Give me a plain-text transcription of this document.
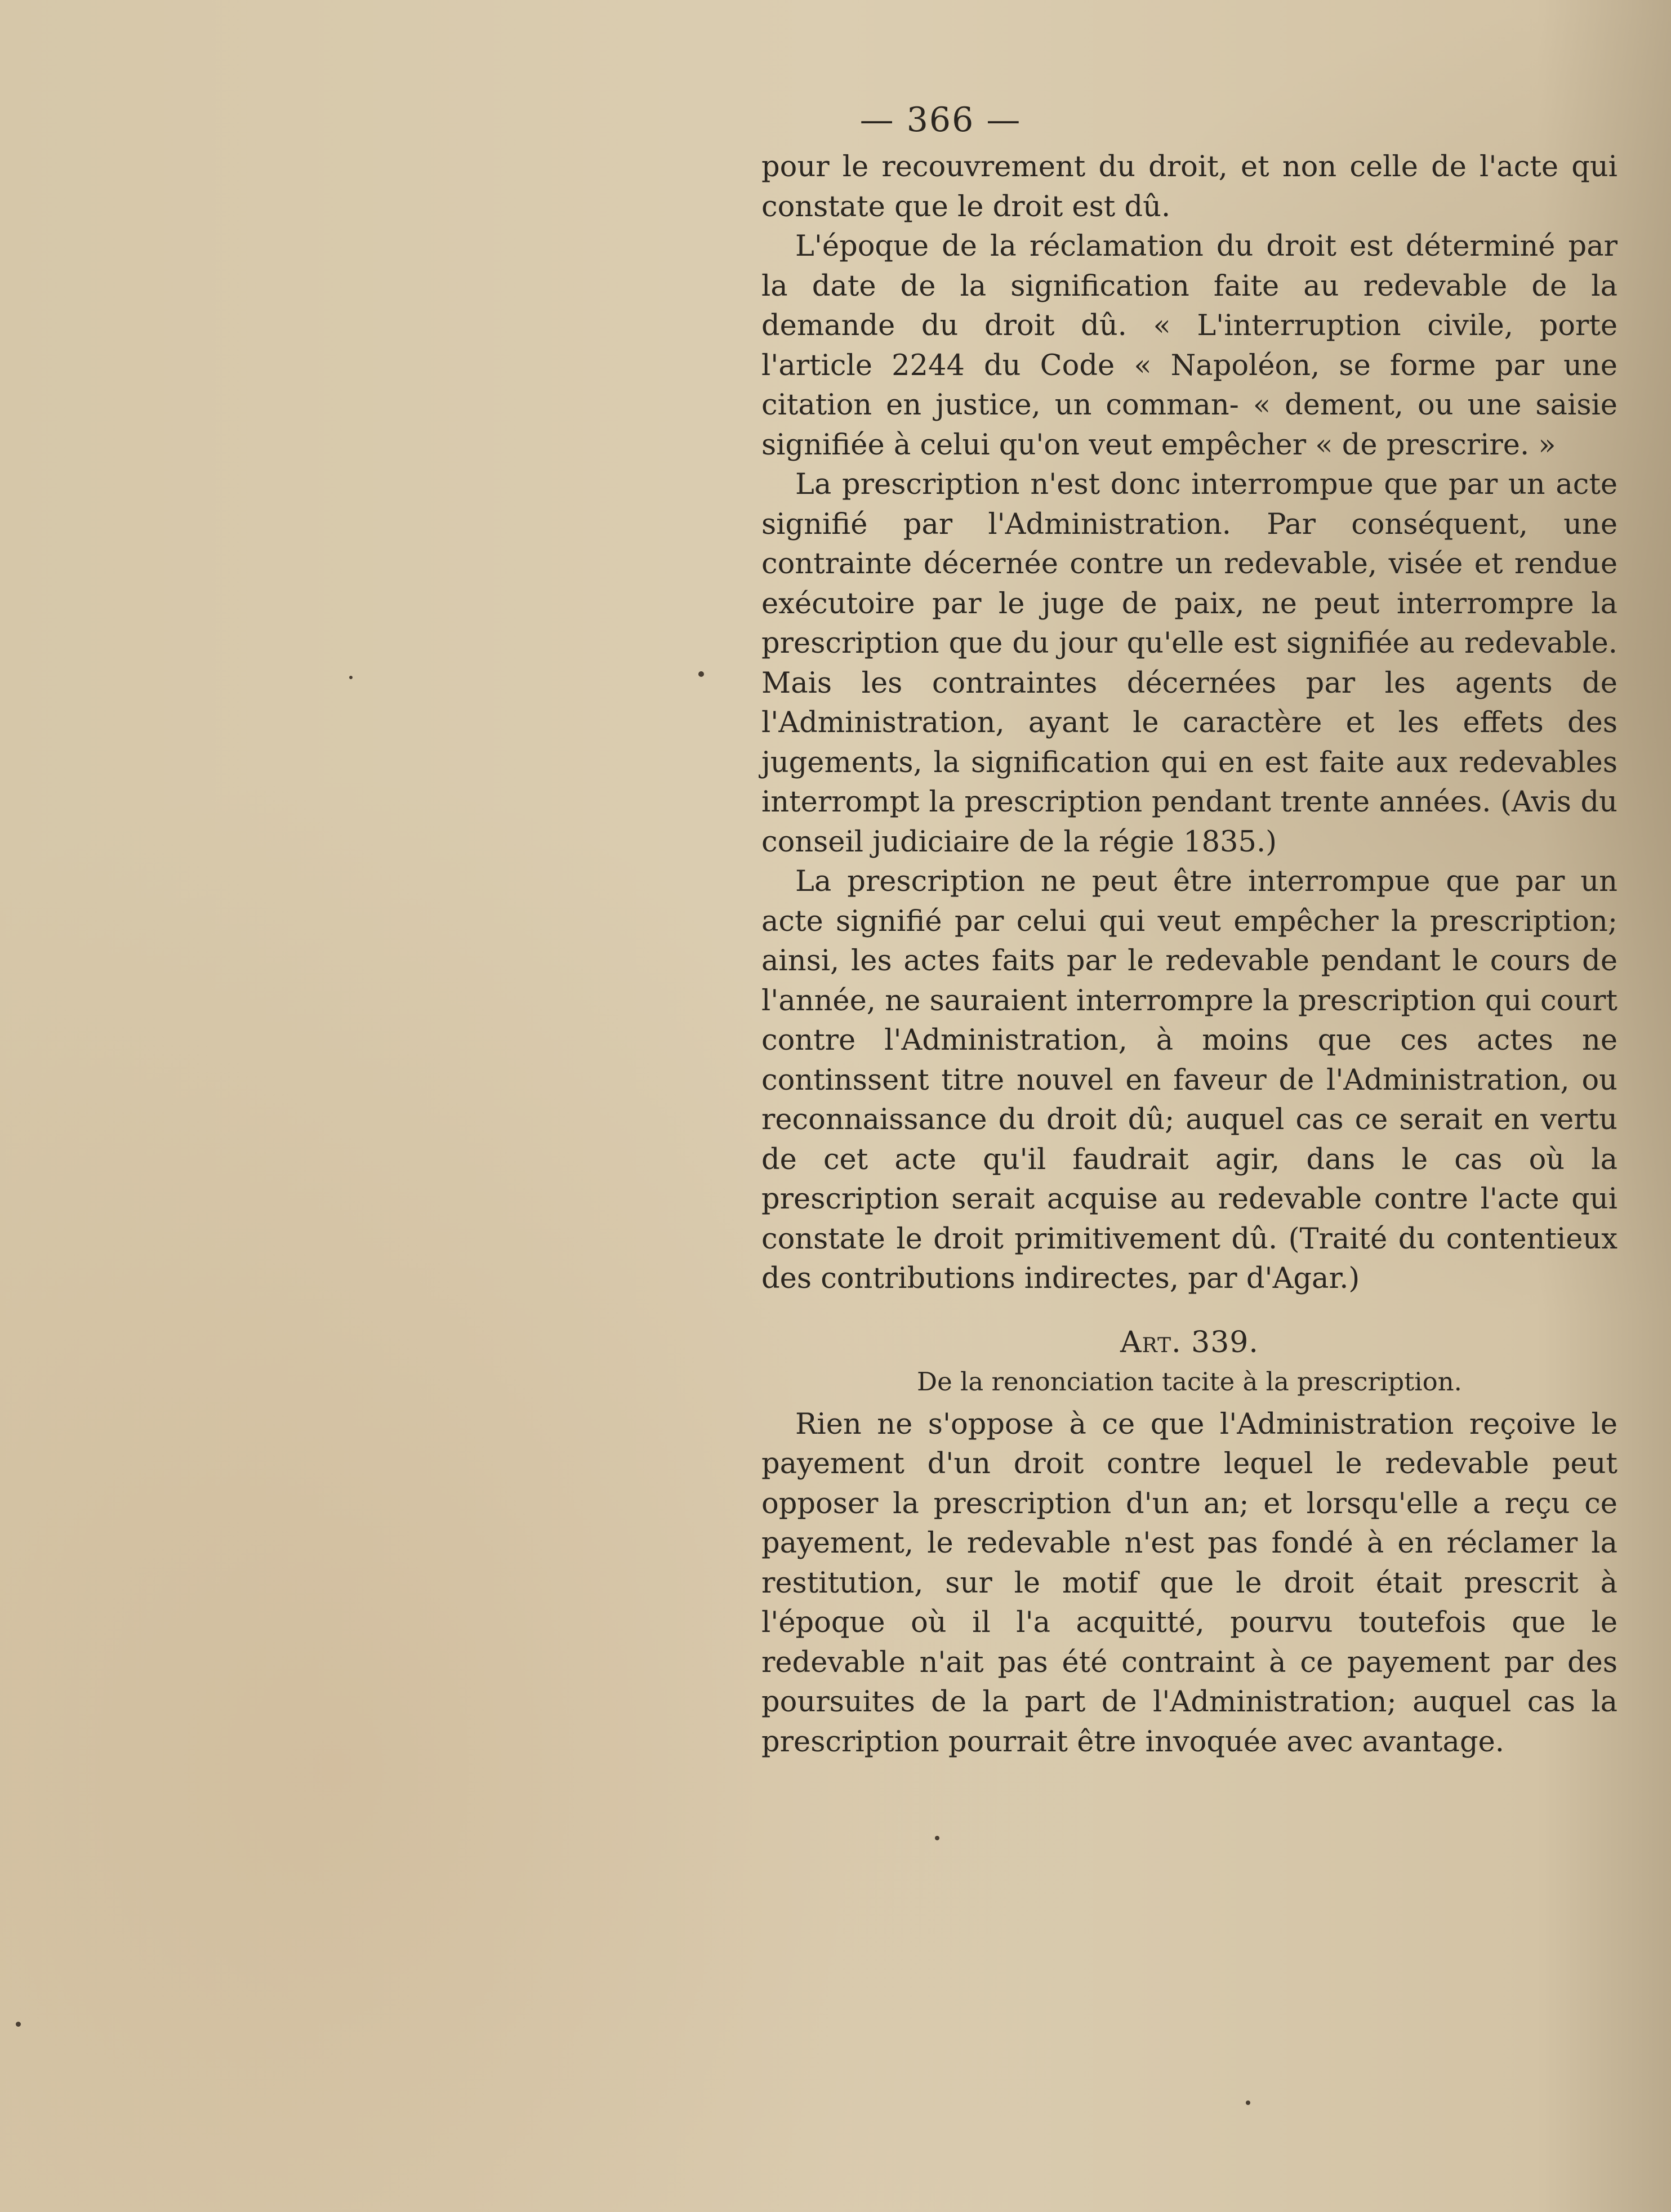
— 366 —

pour le recouvrement du droit, et non celle de l'acte qui constate que le droit est dû.

L'époque de la réclamation du droit est déterminé par la date de la signification faite au redevable de la demande du droit dû. « L'interruption civile, porte l'article 2244 du Code « Napoléon, se forme par une citation en justice, un comman- « dement, ou une saisie signifiée à celui qu'on veut empêcher « de prescrire. »

La prescription n'est donc interrompue que par un acte signifié par l'Administration. Par conséquent, une contrainte décernée contre un redevable, visée et rendue exécutoire par le juge de paix, ne peut interrompre la prescription que du jour qu'elle est signifiée au redevable. Mais les contraintes décernées par les agents de l'Administration, ayant le caractère et les effets des jugements, la signification qui en est faite aux redevables interrompt la prescription pendant trente années. (Avis du conseil judiciaire de la régie 1835.)

La prescription ne peut être interrompue que par un acte signifié par celui qui veut empêcher la prescription; ainsi, les actes faits par le redevable pendant le cours de l'année, ne sauraient interrompre la prescription qui court contre l'Administration, à moins que ces actes ne continssent titre nouvel en faveur de l'Administration, ou reconnaissance du droit dû; auquel cas ce serait en vertu de cet acte qu'il faudrait agir, dans le cas où la prescription serait acquise au redevable contre l'acte qui constate le droit primitivement dû. (Traité du contentieux des contributions indirectes, par d'Agar.)

Art. 339.

De la renonciation tacite à la prescription.

Rien ne s'oppose à ce que l'Administration reçoive le payement d'un droit contre lequel le redevable peut opposer la prescription d'un an; et lorsqu'elle a reçu ce payement, le redevable n'est pas fondé à en réclamer la restitution, sur le motif que le droit était prescrit à l'époque où il l'a acquitté, pourvu toutefois que le redevable n'ait pas été contraint à ce payement par des poursuites de la part de l'Administration; auquel cas la prescription pourrait être invoquée avec avantage.
